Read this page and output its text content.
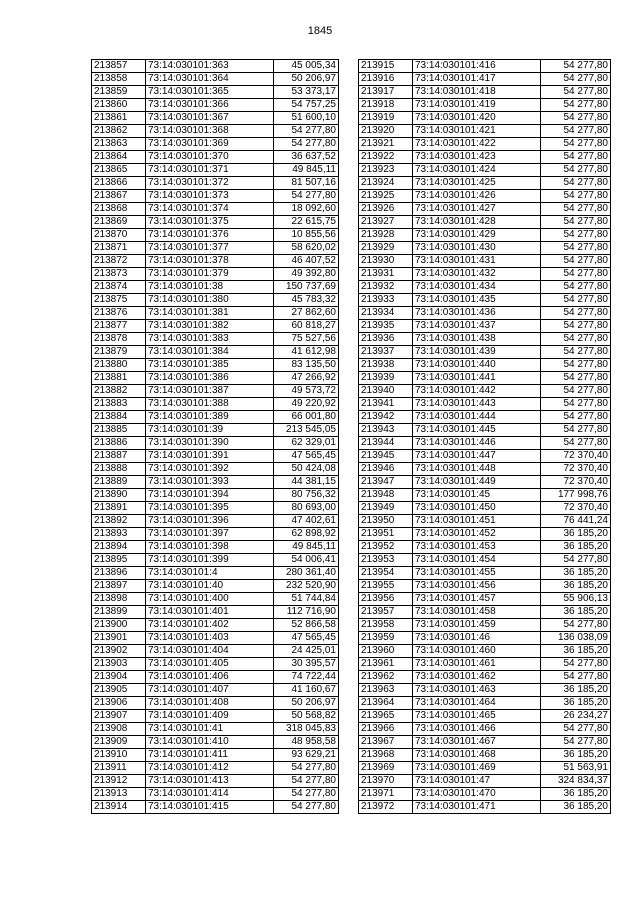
1845
213857	73:14:030101:363	45 005,34
213858	73:14:030101:364	50 206,97
213859	73:14:030101:365	53 373,17
213860	73:14:030101:366	54 757,25
213861	73:14:030101:367	51 600,10
213862	73:14:030101:368	54 277,80
213863	73:14:030101:369	54 277,80
213864	73:14:030101:370	36 637,52
213865	73:14:030101:371	49 845,11
213866	73:14:030101:372	81 507,16
213867	73:14:030101:373	54 277,80
213868	73:14:030101:374	18 092,60
213869	73:14:030101:375	22 615,75
213870	73:14:030101:376	10 855,56
213871	73:14:030101:377	58 620,02
213872	73:14:030101:378	46 407,52
213873	73:14:030101:379	49 392,80
213874	73:14:030101:38	150 737,69
213875	73:14:030101:380	45 783,32
213876	73:14:030101:381	27 862,60
213877	73:14:030101:382	60 818,27
213878	73:14:030101:383	75 527,56
213879	73:14:030101:384	41 612,98
213880	73:14:030101:385	83 135,50
213881	73:14:030101:386	47 266,92
213882	73:14:030101:387	49 573,72
213883	73:14:030101:388	49 220,92
213884	73:14:030101:389	66 001,80
213885	73:14:030101:39	213 545,05
213886	73:14:030101:390	62 329,01
213887	73:14:030101:391	47 565,45
213888	73:14:030101:392	50 424,08
213889	73:14:030101:393	44 381,15
213890	73:14:030101:394	80 756,32
213891	73:14:030101:395	80 693,00
213892	73:14:030101:396	47 402,61
213893	73:14:030101:397	62 898,92
213894	73:14:030101:398	49 845,11
213895	73:14:030101:399	54 006,41
213896	73:14:030101:4	280 361,40
213897	73:14:030101:40	232 520,90
213898	73:14:030101:400	51 744,84
213899	73:14:030101:401	112 716,90
213900	73:14:030101:402	52 866,58
213901	73:14:030101:403	47 565,45
213902	73:14:030101:404	24 425,01
213903	73:14:030101:405	30 395,57
213904	73:14:030101:406	74 722,44
213905	73:14:030101:407	41 160,67
213906	73:14:030101:408	50 206,97
213907	73:14:030101:409	50 568,82
213908	73:14:030101:41	318 045,83
213909	73:14:030101:410	48 958,58
213910	73:14:030101:411	93 629,21
213911	73:14:030101:412	54 277,80
213912	73:14:030101:413	54 277,80
213913	73:14:030101:414	54 277,80
213914	73:14:030101:415	54 277,80
213915	73:14:030101:416	54 277,80
213916	73:14:030101:417	54 277,80
213917	73:14:030101:418	54 277,80
213918	73:14:030101:419	54 277,80
213919	73:14:030101:420	54 277,80
213920	73:14:030101:421	54 277,80
213921	73:14:030101:422	54 277,80
213922	73:14:030101:423	54 277,80
213923	73:14:030101:424	54 277,80
213924	73:14:030101:425	54 277,80
213925	73:14:030101:426	54 277,80
213926	73:14:030101:427	54 277,80
213927	73:14:030101:428	54 277,80
213928	73:14:030101:429	54 277,80
213929	73:14:030101:430	54 277,80
213930	73:14:030101:431	54 277,80
213931	73:14:030101:432	54 277,80
213932	73:14:030101:434	54 277,80
213933	73:14:030101:435	54 277,80
213934	73:14:030101:436	54 277,80
213935	73:14:030101:437	54 277,80
213936	73:14:030101:438	54 277,80
213937	73:14:030101:439	54 277,80
213938	73:14:030101:440	54 277,80
213939	73:14:030101:441	54 277,80
213940	73:14:030101:442	54 277,80
213941	73:14:030101:443	54 277,80
213942	73:14:030101:444	54 277,80
213943	73:14:030101:445	54 277,80
213944	73:14:030101:446	54 277,80
213945	73:14:030101:447	72 370,40
213946	73:14:030101:448	72 370,40
213947	73:14:030101:449	72 370,40
213948	73:14:030101:45	177 998,76
213949	73:14:030101:450	72 370,40
213950	73:14:030101:451	76 441,24
213951	73:14:030101:452	36 185,20
213952	73:14:030101:453	36 185,20
213953	73:14:030101:454	54 277,80
213954	73:14:030101:455	36 185,20
213955	73:14:030101:456	36 185,20
213956	73:14:030101:457	55 906,13
213957	73:14:030101:458	36 185,20
213958	73:14:030101:459	54 277,80
213959	73:14:030101:46	136 038,09
213960	73:14:030101:460	36 185,20
213961	73:14:030101:461	54 277,80
213962	73:14:030101:462	54 277,80
213963	73:14:030101:463	36 185,20
213964	73:14:030101:464	36 185,20
213965	73:14:030101:465	26 234,27
213966	73:14:030101:466	54 277,80
213967	73:14:030101:467	54 277,80
213968	73:14:030101:468	36 185,20
213969	73:14:030101:469	51 563,91
213970	73:14:030101:47	324 834,37
213971	73:14:030101:470	36 185,20
213972	73:14:030101:471	36 185,20
